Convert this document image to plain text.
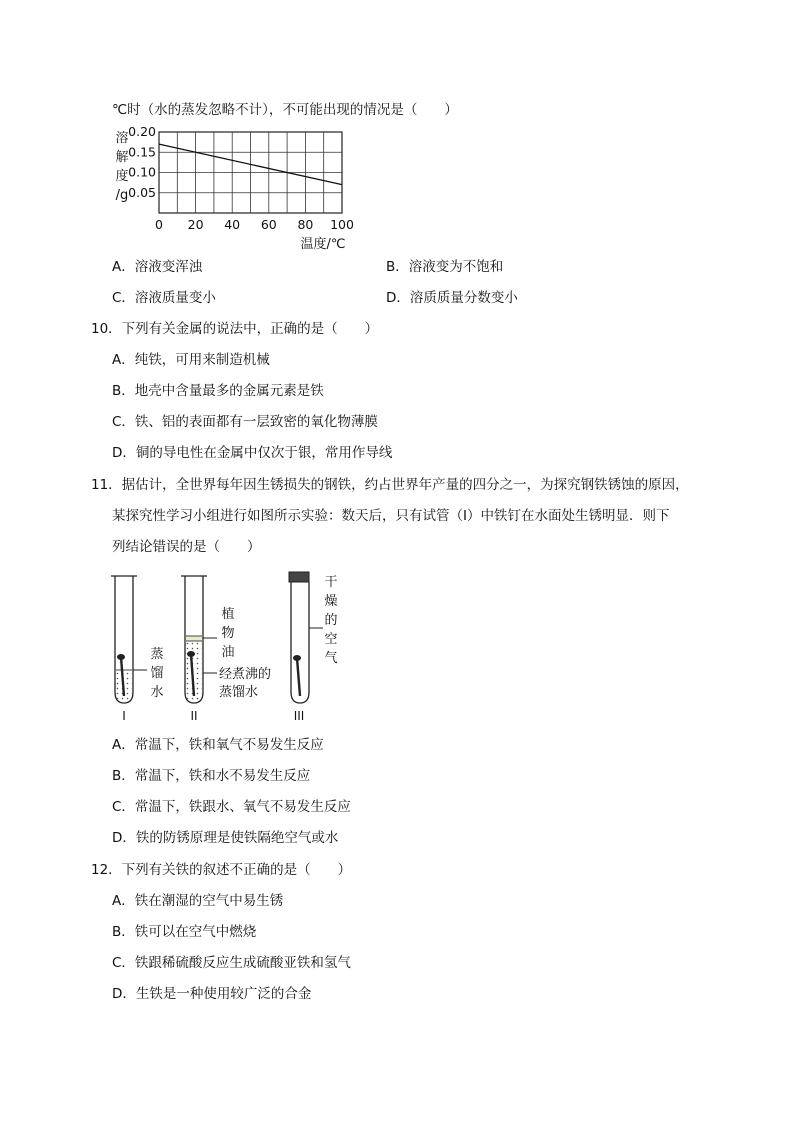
℃时（水的蒸发忽略不计），不可能出现的情况是（　　）
0.20
0.15
0.10
0.05
0 20 40 60 80 100
溶
解
度
/g
温度/℃
A．溶液变浑浊	B．溶液变为不饱和
C．溶液质量变小	D．溶质质量分数变小
10．下列有关金属的说法中，正确的是（　　）
A．纯铁，可用来制造机械
B．地壳中含量最多的金属元素是铁
C．铁、铝的表面都有一层致密的氧化物薄膜
D．铜的导电性在金属中仅次于银，常用作导线
11．据估计，全世界每年因生锈损失的钢铁，约占世界年产量的四分之一，为探究钢铁锈蚀的原因，
某探究性学习小组进行如图所示实验：数天后，只有试管（I）中铁钉在水面处生锈明显．则下
列结论错误的是（　　）
蒸
馏
水
植
物
油
干
燥
的
空
气
经煮沸的
蒸馏水
I	II	III
A．常温下，铁和氧气不易发生反应
B．常温下，铁和水不易发生反应
C．常温下，铁跟水、氧气不易发生反应
D．铁的防锈原理是使铁隔绝空气或水
12．下列有关铁的叙述不正确的是（　　）
A．铁在潮湿的空气中易生锈
B．铁可以在空气中燃烧
C．铁跟稀硫酸反应生成硫酸亚铁和氢气
D．生铁是一种使用较广泛的合金
